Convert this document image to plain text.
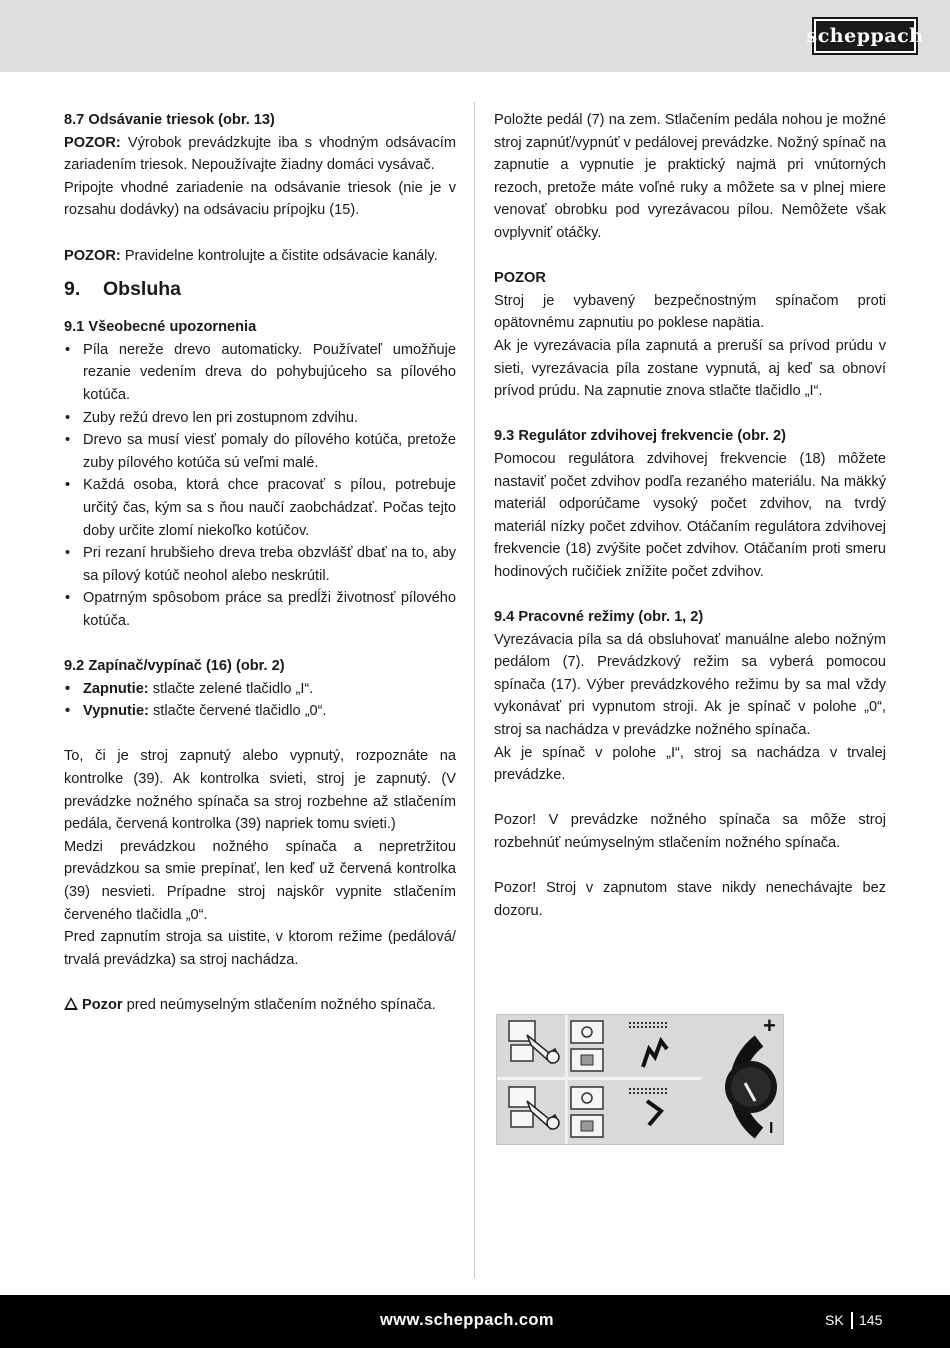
scheppach

8.7 Odsávanie triesok (obr. 13)

POZOR: Výrobok prevádzkujte iba s vhodným odsávacím zariadením triesok. Nepoužívajte žiadny domáci vysávač.

Pripojte vhodné zariadenie na odsávanie triesok (nie je v rozsahu dodávky) na odsávaciu prípojku (15).

POZOR: Pravidelne kontrolujte a čistite odsávacie kanály.

9.	Obsluha

9.1 Všeobecné upozornenia

• Píla nereže drevo automaticky. Používateľ umožňuje rezanie vedením dreva do pohybujúceho sa pílového kotúča.
• Zuby režú drevo len pri zostupnom zdvihu.
• Drevo sa musí viesť pomaly do pílového kotúča, pretože zuby pílového kotúča sú veľmi malé.
• Každá osoba, ktorá chce pracovať s pílou, potrebuje určitý čas, kým sa s ňou naučí zaobchádzať. Počas tejto doby určite zlomí niekoľko kotúčov.
• Pri rezaní hrubšieho dreva treba obzvlášť dbať na to, aby sa pílový kotúč neohol alebo neskrútil.
• Opatrným spôsobom práce sa predĺži životnosť pílového kotúča.

9.2 Zapínač/vypínač (16) (obr. 2)

• Zapnutie: stlačte zelené tlačidlo „I“.
• Vypnutie: stlačte červené tlačidlo „0“.

To, či je stroj zapnutý alebo vypnutý, rozpoznáte na kontrolke (39). Ak kontrolka svieti, stroj je zapnutý. (V prevádzke nožného spínača sa stroj rozbehne až stlačením pedála, červená kontrolka (39) napriek tomu svieti.)

Medzi prevádzkou nožného spínača a nepretržitou prevádzkou sa smie prepínať, len keď už červená kontrolka (39) nesvieti. Prípadne stroj najskôr vypnite stlačením červeného tlačidla „0“.

Pred zapnutím stroja sa uistite, v ktorom režime (pedálová/ trvalá prevádzka) sa stroj nachádza.

Pozor pred neúmyselným stlačením nožného spínača.

Položte pedál (7) na zem. Stlačením pedála nohou je možné stroj zapnúť/vypnúť v pedálovej prevádzke. Nožný spínač na zapnutie a vypnutie je praktický najmä pri vnútorných rezoch, pretože máte voľné ruky a môžete sa v plnej miere venovať obrobku pod vyrezávacou pílou. Nemôžete však ovplyvniť otáčky.

POZOR

Stroj je vybavený bezpečnostným spínačom proti opätovnému zapnutiu po poklese napätia.

Ak je vyrezávacia píla zapnutá a preruší sa prívod prúdu v sieti, vyrezávacia píla zostane vypnutá, aj keď sa obnoví prívod prúdu. Na zapnutie znova stlačte tlačidlo „I“.

9.3 Regulátor zdvihovej frekvencie (obr. 2)

Pomocou regulátora zdvihovej frekvencie (18) môžete nastaviť počet zdvihov podľa rezaného materiálu. Na mäkký materiál odporúčame vysoký počet zdvihov, na tvrdý materiál nízky počet zdvihov. Otáčaním regulátora zdvihovej frekvencie (18) zvýšite počet zdvihov. Otáčaním proti smeru hodinových ručičiek znížite počet zdvihov.

9.4 Pracovné režimy (obr. 1, 2)

Vyrezávacia píla sa dá obsluhovať manuálne alebo nožným pedálom (7). Prevádzkový režim sa vyberá pomocou spínača (17). Výber prevádzkového režimu by sa mal vždy vykonávať pri vypnutom stroji. Ak je spínač v polohe „0“, stroj sa nachádza v prevádzke nožného spínača.

Ak je spínač v polohe „I“, stroj sa nachádza v trvalej prevádzke.

Pozor! V prevádzke nožného spínača sa môže stroj rozbehnúť neúmyselným stlačením nožného spínača.

Pozor! Stroj v zapnutom stave nikdy nenechávajte bez dozoru.

+
I
www.scheppach.com	SK 145
